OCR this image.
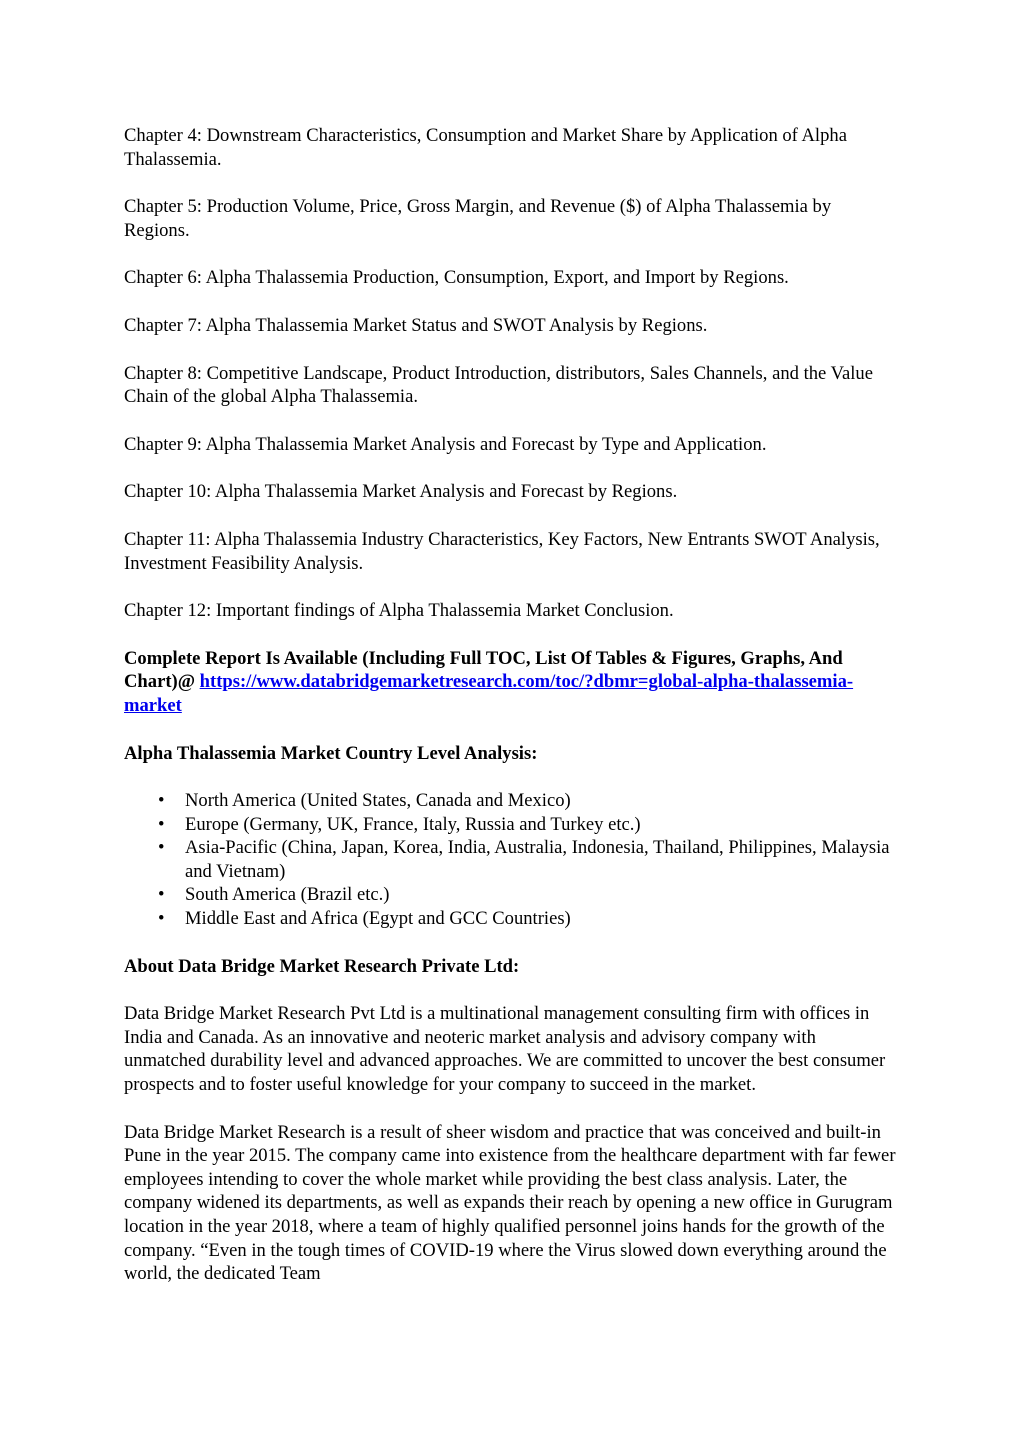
Chapter 4: Downstream Characteristics, Consumption and Market Share by Application of Alpha Thalassemia.

Chapter 5: Production Volume, Price, Gross Margin, and Revenue ($) of Alpha Thalassemia by Regions.

Chapter 6: Alpha Thalassemia Production, Consumption, Export, and Import by Regions.

Chapter 7: Alpha Thalassemia Market Status and SWOT Analysis by Regions.

Chapter 8: Competitive Landscape, Product Introduction, distributors, Sales Channels, and the Value Chain of the global Alpha Thalassemia.

Chapter 9: Alpha Thalassemia Market Analysis and Forecast by Type and Application.

Chapter 10: Alpha Thalassemia Market Analysis and Forecast by Regions.

Chapter 11: Alpha Thalassemia Industry Characteristics, Key Factors, New Entrants SWOT Analysis, Investment Feasibility Analysis.

Chapter 12: Important findings of Alpha Thalassemia Market Conclusion.

Complete Report Is Available (Including Full TOC, List Of Tables & Figures, Graphs, And Chart)@ https://www.databridgemarketresearch.com/toc/?dbmr=global-alpha-thalassemia-market

Alpha Thalassemia Market Country Level Analysis:

• North America (United States, Canada and Mexico)
• Europe (Germany, UK, France, Italy, Russia and Turkey etc.)
• Asia-Pacific (China, Japan, Korea, India, Australia, Indonesia, Thailand, Philippines, Malaysia and Vietnam)
• South America (Brazil etc.)
• Middle East and Africa (Egypt and GCC Countries)

About Data Bridge Market Research Private Ltd:

Data Bridge Market Research Pvt Ltd is a multinational management consulting firm with offices in India and Canada. As an innovative and neoteric market analysis and advisory company with unmatched durability level and advanced approaches. We are committed to uncover the best consumer prospects and to foster useful knowledge for your company to succeed in the market.

Data Bridge Market Research is a result of sheer wisdom and practice that was conceived and built-in Pune in the year 2015. The company came into existence from the healthcare department with far fewer employees intending to cover the whole market while providing the best class analysis. Later, the company widened its departments, as well as expands their reach by opening a new office in Gurugram location in the year 2018, where a team of highly qualified personnel joins hands for the growth of the company. “Even in the tough times of COVID-19 where the Virus slowed down everything around the world, the dedicated Team
